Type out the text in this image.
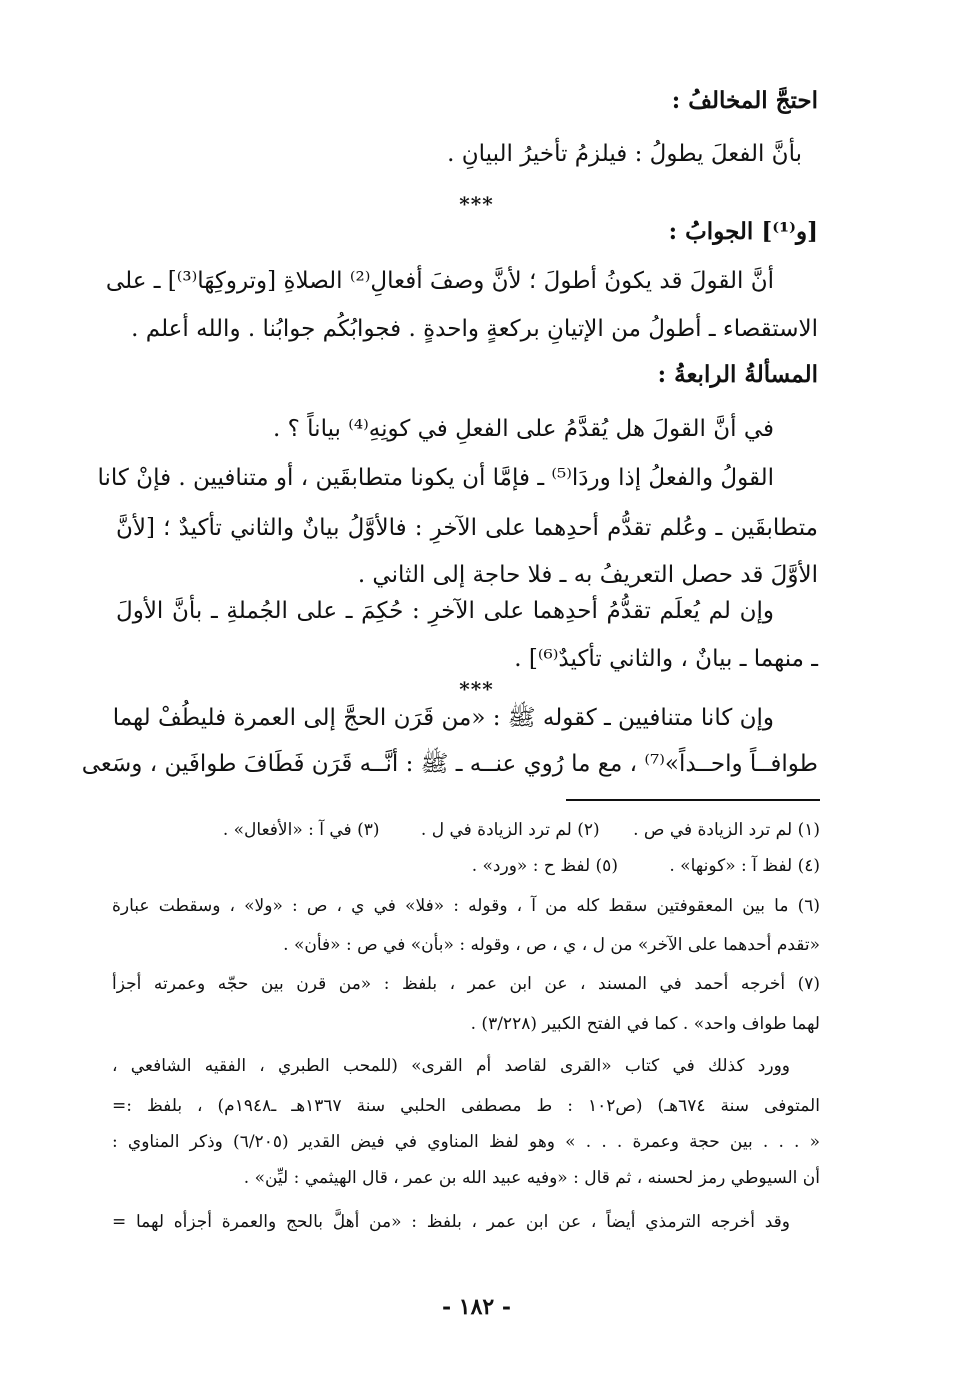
احتجَّ المخالفُ :
بأنَّ الفعلَ يطولُ : فيلزمُ تأخيرُ البيانِ .
***
[و⁽¹⁾] الجوابُ :
أنَّ القولَ قد يكونُ أطولَ ؛ لأنَّ وصفَ أفعالِ⁽²⁾ الصلاةِ [وتروكِهَا⁽³⁾] ـ على
الاستقصاء ـ أطولُ من الإتيانِ بركعةٍ واحدةٍ . فجوابُكُم جوابُنا . والله أعلم .
المسألةُ الرابعةُ :
في أنَّ القولَ هل يُقدَّمُ على الفعلِ في كونِهِ⁽⁴⁾ بياناً ؟ .
القولُ والفعلُ إذا وردَا⁽⁵⁾ ـ فإمَّا أن يكونا متطابقَين ، أو متنافيين . فإنْ كانا
متطابقَين ـ وعُلم تقدُّم أحدِهما على الآخرِ : فالأوَّلُ بيانٌ والثاني تأكيدٌ ؛ [لأنَّ
الأوَّلَ قد حصل التعريفُ به ـ فلا حاجة إلى الثاني .
وإن لم يُعلَم تقدُّمُ أحدِهما على الآخرِ : حُكِمَ ـ على الجُملةِ ـ بأنَّ الأولَ
ـ منهما ـ بيانٌ ، والثاني تأكيدٌ⁽⁶⁾] .
***
وإن كانا متنافيين ـ كقوله ﷺ : «من قَرَن الحجَّ إلى العمرة فليطُفْ لهما
طوافــاً واحــداً»⁽⁷⁾ ، مع ما رُوي عنــه ـ ﷺ : أنَّــه قَرَن فَطَافَ طوافَين ، وسَعى
(١) لم ترد الزيادة في ص . (٢) لم ترد الزيادة في ل . (٣) في آ : «الأفعال» .
(٤) لفظ آ : «كونها» . (٥) لفظ ح : «ورد» .
(٦) ما بين المعقوفتين سقط كله من آ ، وقوله : «فلا» في ي ، ص : «ولا» ، وسقطت عبارة
«تقدم أحدهما على الآخر» من ل ، ي ، ص ، وقوله : «بأن» في ص : «فأن» .
(٧) أخرجه أحمد في المسند ، عن ابن عمر ، بلفظ : «من قرن بين حجّه وعمرته أجزأ
لهما طواف واحد» . كما في الفتح الكبير (٣/٢٢٨) .
وورد كذلك في كتاب «القرى لقاصد أم القرى» (للمحب الطبري ، الفقيه الشافعي ،
المتوفى سنة ٦٧٤هـ) (ص١٠٢ : ط مصطفى الحلبي سنة ١٣٦٧هـ ـ١٩٤٨م) ، بلفظ :=
« . . . بين حجة وعمرة . . . » وهو لفظ المناوي في فيض القدير (٦/٢٠٥) وذكر المناوي :
أن السيوطي رمز لحسنه ، ثم قال : «وفيه عبيد الله بن عمر ، قال الهيثمي : ليِّن» .
وقد أخرجه الترمذي أيضاً ، عن ابن عمر ، بلفظ : «من أهلَّ بالحج والعمرة أجزأه لهما =
- ١٨٢ -
